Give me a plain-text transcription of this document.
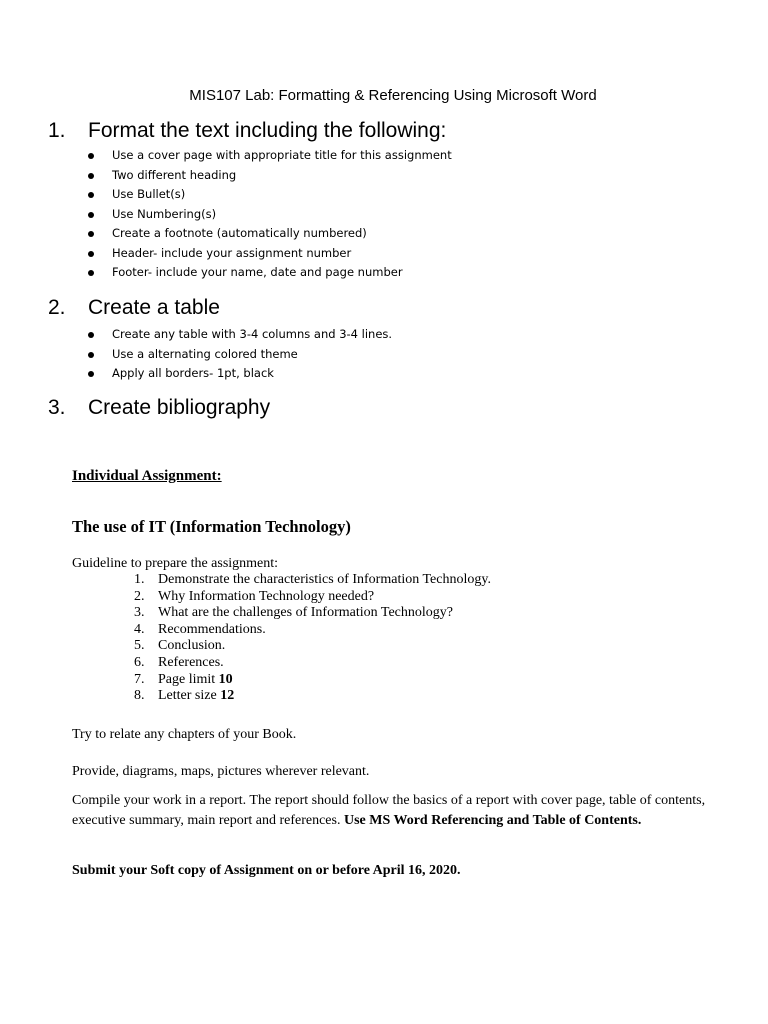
MIS107 Lab: Formatting & Referencing Using Microsoft Word
1. Format the text including the following:
Use a cover page with appropriate title for this assignment
Two different heading
Use Bullet(s)
Use Numbering(s)
Create a footnote (automatically numbered)
Header- include your assignment number
Footer- include your name, date and page number
2. Create a table
Create any table with 3-4 columns and 3-4 lines.
Use a alternating colored theme
Apply all borders- 1pt, black
3. Create bibliography
Individual Assignment:
The use of IT (Information Technology)
Guideline to prepare the assignment:
1. Demonstrate the characteristics of Information Technology.
2. Why Information Technology needed?
3. What are the challenges of Information Technology?
4. Recommendations.
5. Conclusion.
6. References.
7. Page limit 10
8. Letter size 12
Try to relate any chapters of your Book.
Provide, diagrams, maps, pictures wherever relevant.
Compile your work in a report. The report should follow the basics of a report with cover page, table of contents, executive summary, main report and references. Use MS Word Referencing and Table of Contents.
Submit your Soft copy of Assignment on or before April 16, 2020.
